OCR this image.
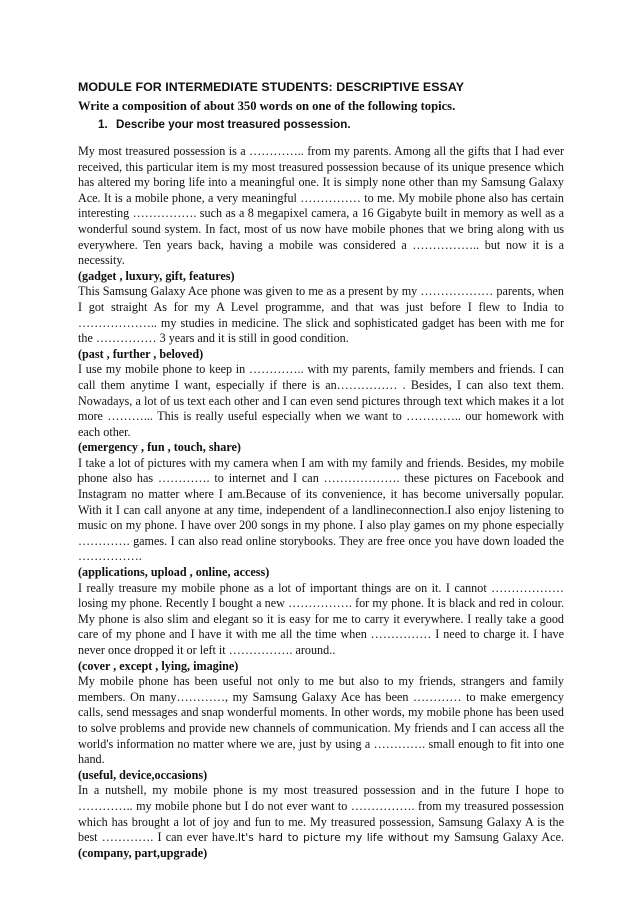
MODULE FOR INTERMEDIATE STUDENTS: DESCRIPTIVE ESSAY

Write a composition of about 350 words on one of the following topics.

1. Describe your most treasured possession.

My most treasured possession is a ………….. from my parents. Among all the gifts that I had ever received, this particular item is my most treasured possession because of its unique presence which has altered my boring life into a meaningful one. It is simply none other than my Samsung Galaxy Ace. It is a mobile phone, a very meaningful …………… to me. My mobile phone also has certain interesting ……………. such as a 8 megapixel camera, a 16 Gigabyte built in memory as well as a wonderful sound system. In fact, most of us now have mobile phones that we bring along with us everywhere. Ten years back, having a mobile was considered a …………….. but now it is a necessity.

(gadget , luxury, gift, features)

This Samsung Galaxy Ace phone was given to me as a present by my ……………… parents, when I got straight As for my A Level programme, and that was just before I flew to India to ……………….. my studies in medicine. The slick and sophisticated gadget has been with me for the …………… 3 years and it is still in good condition.

(past , further , beloved)

I use my mobile phone to keep in ………….. with my parents, family members and friends. I can call them anytime I want, especially if there is an…………… . Besides, I can also text them. Nowadays, a lot of us text each other and I can even send pictures through text which makes it a lot more ………... This is really useful especially when we want to ………….. our homework with each other.

(emergency , fun , touch, share)

I take a lot of pictures with my camera when I am with my family and friends. Besides, my mobile phone also has …………. to internet and I can ………………. these pictures on Facebook and Instagram no matter where I am.Because of its convenience, it has become universally popular. With it I can call anyone at any time, independent of a landlineconnection.I also enjoy listening to music on my phone. I have over 200 songs in my phone. I also play games on my phone especially …………. games. I can also read online storybooks. They are free once you have down loaded the …………….

(applications, upload , online, access)

I really treasure my mobile phone as a lot of important things are on it. I cannot ……………… losing my phone. Recently I bought a new ……………. for my phone. It is black and red in colour. My phone is also slim and elegant so it is easy for me to carry it everywhere. I really take a good care of my phone and I have it with me all the time when …………… I need to charge it. I have never once dropped it or left it ……………. around..

(cover , except , lying, imagine)

My mobile phone has been useful not only to me but also to my friends, strangers and family members. On many…………, my Samsung Galaxy Ace has been ………… to make emergency calls, send messages and snap wonderful moments. In other words, my mobile phone has been used to solve problems and provide new channels of communication. My friends and I can access all the world's information no matter where we are, just by using a …………. small enough to fit into one hand.

(useful, device,occasions)

In a nutshell, my mobile phone is my most treasured possession and in the future I hope to ………….. my mobile phone but I do not ever want to ……………. from my treasured possession which has brought a lot of joy and fun to me. My treasured possession, Samsung Galaxy A is the best …………. I can ever have.It's hard to picture my life without my Samsung Galaxy Ace. (company, part,upgrade)
